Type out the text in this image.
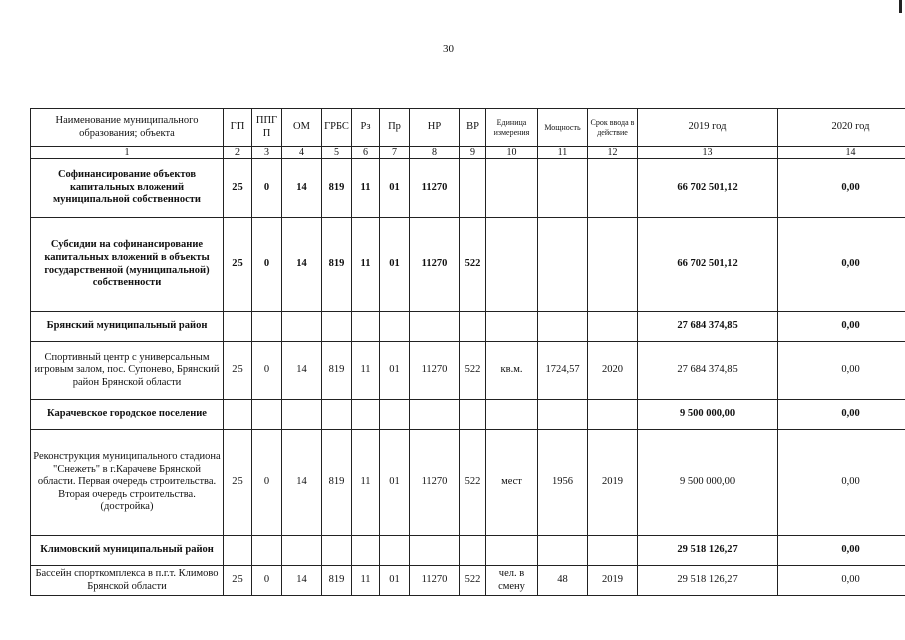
30
Наименование муниципального образования; объекта	ГП	ППГ П	ОМ	ГРБС	Рз	Пр	НР	ВР	Единица измерения	Мощность	Срок ввода в действие	2019 год	2020 год
1	2	3	4	5	6	7	8	9	10	11	12	13	14
Софинансирование объектов капитальных вложений муниципальной собственности	25	0	14	819	11	01	11270					66 702 501,12	0,00
Субсидии на софинансирование капитальных вложений в объекты государственной (муниципальной) собственности	25	0	14	819	11	01	11270	522				66 702 501,12	0,00
Брянский муниципальный район												27 684 374,85	0,00
Спортивный центр с универсальным игровым залом, пос. Супонево, Брянский район Брянской области	25	0	14	819	11	01	11270	522	кв.м.	1724,57	2020	27 684 374,85	0,00
Карачевское городское поселение												9 500 000,00	0,00
Реконструкция муниципального стадиона "Снежеть" в г.Карачеве Брянской области. Первая очередь строительства. Вторая очередь строительства. (достройка)	25	0	14	819	11	01	11270	522	мест	1956	2019	9 500 000,00	0,00
Климовский муниципальный район												29 518 126,27	0,00
Бассейн спорткомплекса в п.г.т. Климово Брянской области	25	0	14	819	11	01	11270	522	чел. в смену	48	2019	29 518 126,27	0,00
